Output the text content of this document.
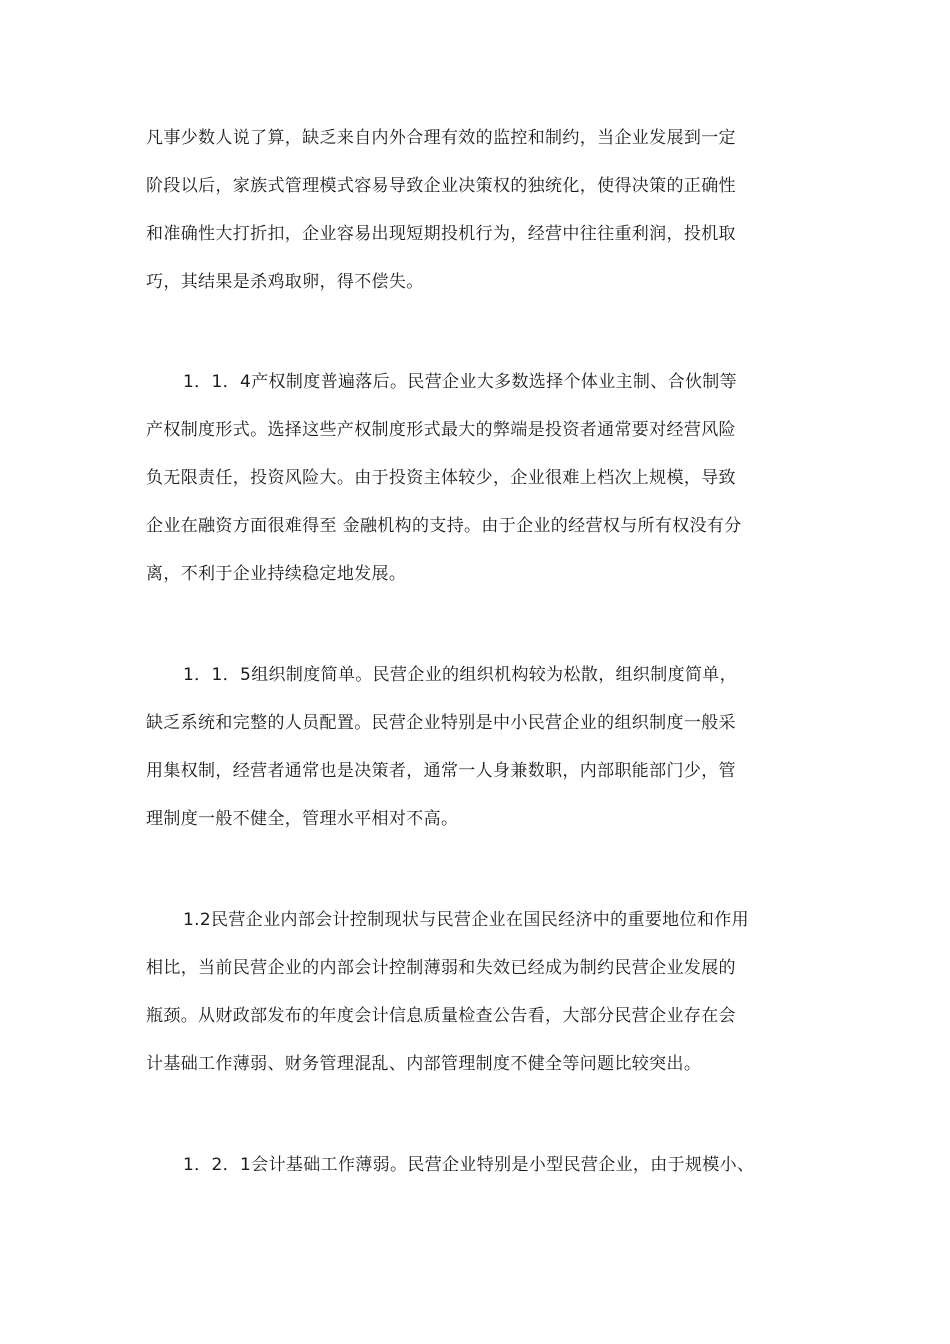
凡事少数人说了算，缺乏来自内外合理有效的监控和制约，当企业发展到一定
阶段以后，家族式管理模式容易导致企业决策权的独统化，使得决策的正确性
和准确性大打折扣，企业容易出现短期投机行为，经营中往往重利润，投机取
巧，其结果是杀鸡取卵，得不偿失。
1．1．4产权制度普遍落后。民营企业大多数选择个体业主制、合伙制等
产权制度形式。选择这些产权制度形式最大的弊端是投资者通常要对经营风险
负无限责任，投资风险大。由于投资主体较少，企业很难上档次上规模，导致
企业在融资方面很难得至 金融机构的支持。由于企业的经营权与所有权没有分
离，不利于企业持续稳定地发展。
1．1．5组织制度简单。民营企业的组织机构较为松散，组织制度简单，
缺乏系统和完整的人员配置。民营企业特别是中小民营企业的组织制度一般采
用集权制，经营者通常也是决策者，通常一人身兼数职，内部职能部门少，管
理制度一般不健全，管理水平相对不高。
1.2民营企业内部会计控制现状与民营企业在国民经济中的重要地位和作用
相比，当前民营企业的内部会计控制薄弱和失效已经成为制约民营企业发展的
瓶颈。从财政部发布的年度会计信息质量检查公告看，大部分民营企业存在会
计基础工作薄弱、财务管理混乱、内部管理制度不健全等问题比较突出。
1．2．1会计基础工作薄弱。民营企业特别是小型民营企业，由于规模小、
